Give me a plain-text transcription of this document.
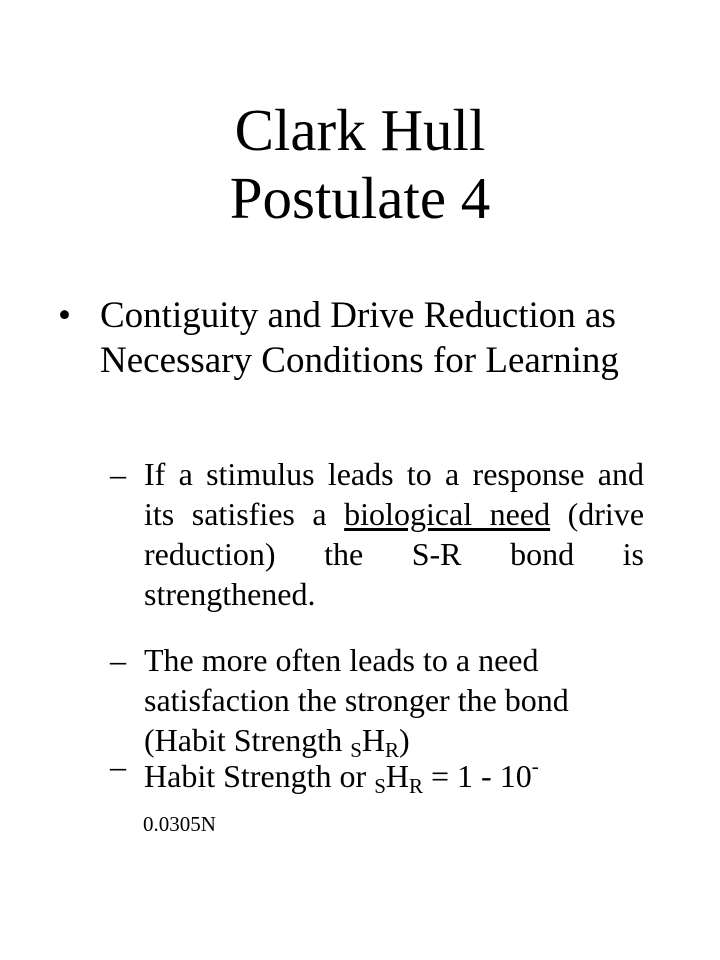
Clark Hull
Postulate 4
• Contiguity and Drive Reduction as Necessary Conditions for Learning
– If a stimulus leads to a response and its satisfies a biological need (drive reduction) the S-R bond is strengthened.
– The more often leads to a need satisfaction the stronger the bond (Habit Strength $_SH_R$)
– Habit Strength or $_SH_R = 1 - 10^-$
0.0305N
